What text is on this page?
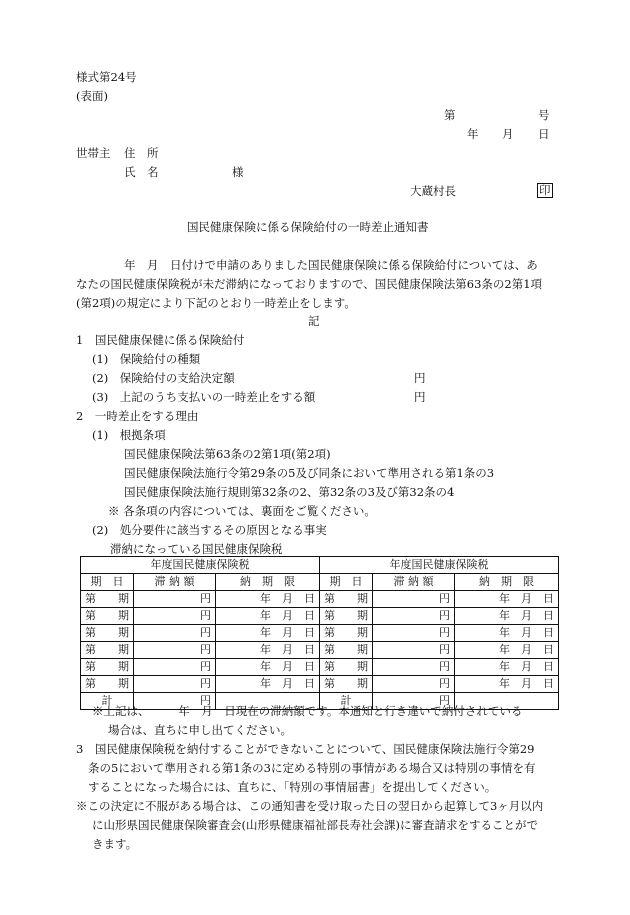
様式第24号
(表面)
第	号
年 月 日
世帯主 住　所
氏　名	様
大蔵村長	印
国民健康保険に係る保険給付の一時差止通知書
年　月　日付けで申請のありました国民健康保険に係る保険給付については、あ
なたの国民健康保険税が未だ滞納になっておりますので、国民健康保険法第63条の2第1項
(第2項)の規定により下記のとおり一時差止をします。
記
1　国民健康保健に係る保険給付
(1)　保険給付の種類
(2)　保険給付の支給決定額	円
(3)　上記のうち支払いの一時差止をする額	円
2　一時差止をする理由
(1)　根拠条項
国民健康保険法第63条の2第1項(第2項)
国民健康保険法施行令第29条の5及び同条において準用される第1条の3
国民健康保険法施行規則第32条の2、第32条の3及び第32条の4
※ 各条項の内容については、裏面をご覧ください。
(2)　処分要件に該当するその原因となる事実
滞納になっている国民健康保険税
年度国民健康保険税			年度国民健康保険税		
期　日	滞 納 額	納　期　限	期　日	滞 納 額	納　期　限
第　　期	円	年　月　日	第　　期	円	年　月　日
第　　期	円	年　月　日	第　　期	円	年　月　日
第　　期	円	年　月　日	第　　期	円	年　月　日
第　　期	円	年　月　日	第　　期	円	年　月　日
第　　期	円	年　月　日	第　　期	円	年　月　日
第　　期	円	年　月　日	第　　期	円	年　月　日
計	円		計	円	
※上記は、　　　年　月　日現在の滞納額です。本通知と行き違いで納付されている
場合は、直ちに申し出てください。
3　国民健康保険税を納付することができないことについて、国民健康保険法施行令第29
条の5において準用される第1条の3に定める特別の事情がある場合又は特別の事情を有
することになった場合には、直ちに、「特別の事情届書」を提出してください。
※この決定に不服がある場合は、この通知書を受け取った日の翌日から起算して3ヶ月以内
に山形県国民健康保険審査会(山形県健康福祉部長寿社会課)に審査請求をすることがで
きます。
